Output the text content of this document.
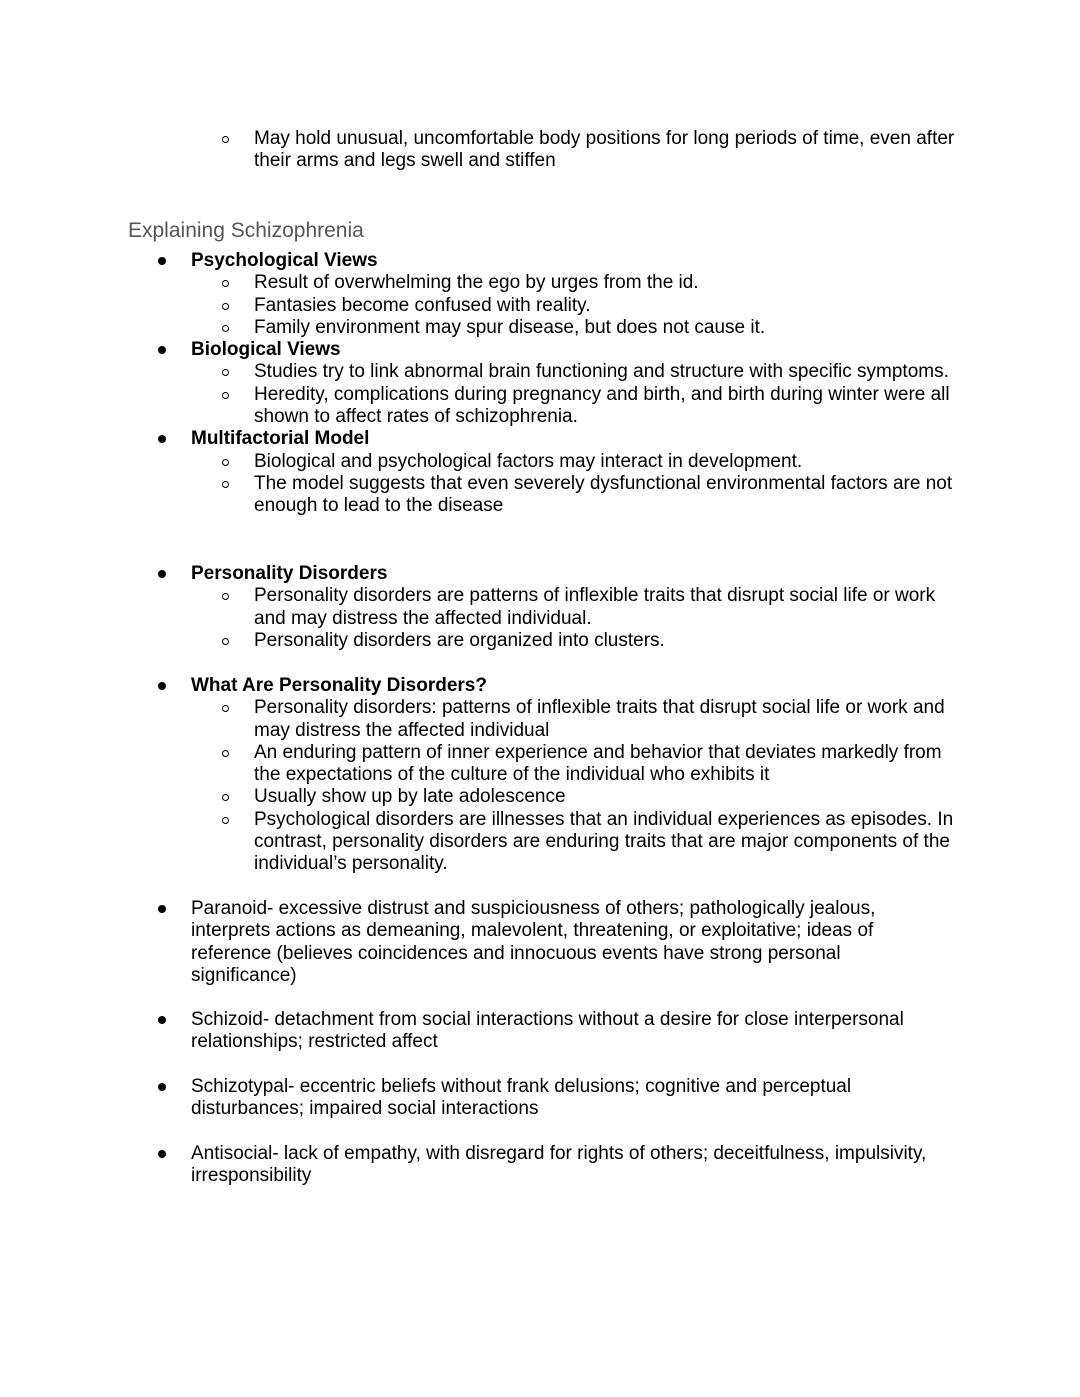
May hold unusual, uncomfortable body positions for long periods of time, even after their arms and legs swell and stiffen
Explaining Schizophrenia
Psychological Views
Result of overwhelming the ego by urges from the id.
Fantasies become confused with reality.
Family environment may spur disease, but does not cause it.
Biological Views
Studies try to link abnormal brain functioning and structure with specific symptoms.
Heredity, complications during pregnancy and birth, and birth during winter were all shown to affect rates of schizophrenia.
Multifactorial Model
Biological and psychological factors may interact in development.
The model suggests that even severely dysfunctional environmental factors are not enough to lead to the disease
Personality Disorders
Personality disorders are patterns of inflexible traits that disrupt social life or work and may distress the affected individual.
Personality disorders are organized into clusters.
What Are Personality Disorders?
Personality disorders: patterns of inflexible traits that disrupt social life or work and may distress the affected individual
An enduring pattern of inner experience and behavior that deviates markedly from the expectations of the culture of the individual who exhibits it
Usually show up by late adolescence
Psychological disorders are illnesses that an individual experiences as episodes. In contrast, personality disorders are enduring traits that are major components of the individual’s personality.
Paranoid- excessive distrust and suspiciousness of others; pathologically jealous, interprets actions as demeaning, malevolent, threatening, or exploitative; ideas of reference (believes coincidences and innocuous events have strong personal significance)
Schizoid- detachment from social interactions without a desire for close interpersonal relationships; restricted affect
Schizotypal- eccentric beliefs without frank delusions; cognitive and perceptual disturbances; impaired social interactions
Antisocial- lack of empathy, with disregard for rights of others; deceitfulness, impulsivity, irresponsibility
